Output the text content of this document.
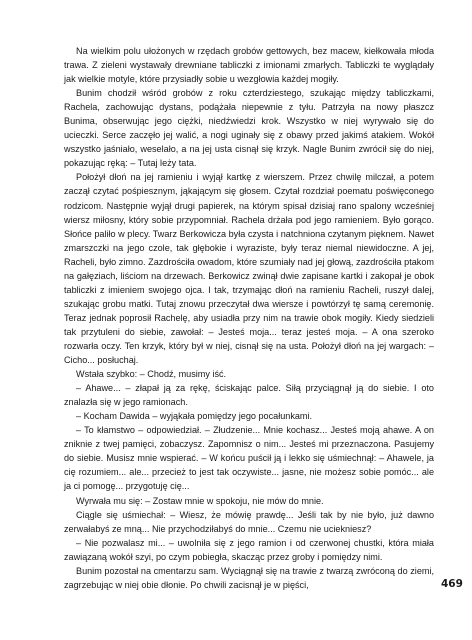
Na wielkim polu ułożonych w rzędach grobów gettowych, bez macew, kiełkowała młoda trawa. Z zieleni wystawały drewniane tabliczki z imionami zmarłych. Tabliczki te wyglądały jak wielkie motyle, które przysiadły sobie u wezgłowia każdej mogiły.

Bunim chodził wśród grobów z roku czterdziestego, szukając między tabliczkami, Rachela, zachowując dystans, podążała niepewnie z tyłu. Patrzyła na nowy płaszcz Bunima, obserwując jego ciężki, niedźwiedzi krok. Wszystko w niej wyrywało się do ucieczki. Serce zaczęło jej walić, a nogi uginały się z obawy przed jakimś atakiem. Wokół wszystko jaśniało, weselało, a na jej usta cisnął się krzyk. Nagle Bunim zwrócił się do niej, pokazując ręką: – Tutaj leży tata.

Położył dłoń na jej ramieniu i wyjął kartkę z wierszem. Przez chwilę milczał, a potem zaczął czytać pośpiesznym, jąkającym się głosem. Czytał rozdział poematu poświęconego rodzicom. Następnie wyjął drugi papierek, na którym spisał dzisiaj rano spalony wcześniej wiersz miłosny, który sobie przypomniał. Rachela drżała pod jego ramieniem. Było gorąco. Słońce paliło w plecy. Twarz Berkowicza była czysta i natchniona czytanym pięknem. Nawet zmarszczki na jego czole, tak głębokie i wyraziste, były teraz niemal niewidoczne. A jej, Racheli, było zimno. Zazdrościła owadom, które szumiały nad jej głową, zazdrościła ptakom na gałęziach, liściom na drzewach. Berkowicz zwinął dwie zapisane kartki i zakopał je obok tabliczki z imieniem swojego ojca. I tak, trzymając dłoń na ramieniu Racheli, ruszył dalej, szukając grobu matki. Tutaj znowu przeczytał dwa wiersze i powtórzył tę samą ceremonię. Teraz jednak poprosił Rachelę, aby usiadła przy nim na trawie obok mogiły. Kiedy siedzieli tak przytuleni do siebie, zawołał: – Jesteś moja... teraz jesteś moja. – A ona szeroko rozwarła oczy. Ten krzyk, który był w niej, cisnął się na usta. Położył dłoń na jej wargach: – Cicho... posłuchaj.

Wstała szybko: – Chodź, musimy iść.

– Ahawe... – złapał ją za rękę, ściskając palce. Siłą przyciągnął ją do siebie. I oto znalazła się w jego ramionach.

– Kocham Dawida – wyjąkała pomiędzy jego pocałunkami.

– To kłamstwo – odpowiedział. – Złudzenie... Mnie kochasz... Jesteś moją ahawe. A on zniknie z twej pamięci, zobaczysz. Zapomnisz o nim... Jesteś mi przeznaczona. Pasujemy do siebie. Musisz mnie wspierać. – W końcu puścił ją i lekko się uśmiechnął: – Ahawele, ja cię rozumiem... ale... przecież to jest tak oczywiste... jasne, nie możesz sobie pomóc... ale ja ci pomogę... przygotuję cię...

Wyrwała mu się: – Zostaw mnie w spokoju, nie mów do mnie.

Ciągle się uśmiechał: – Wiesz, że mówię prawdę... Jeśli tak by nie było, już dawno zerwałabyś ze mną... Nie przychodziłabyś do mnie... Czemu nie uciekniesz?

– Nie pozwalasz mi... – uwolniła się z jego ramion i od czerwonej chustki, która miała zawiązaną wokół szyi, po czym pobiegła, skacząc przez groby i pomiędzy nimi.

Bunim pozostał na cmentarzu sam. Wyciągnął się na trawie z twarzą zwróconą do ziemi, zagrzebując w niej obie dłonie. Po chwili zacisnął je w pięści,	469
